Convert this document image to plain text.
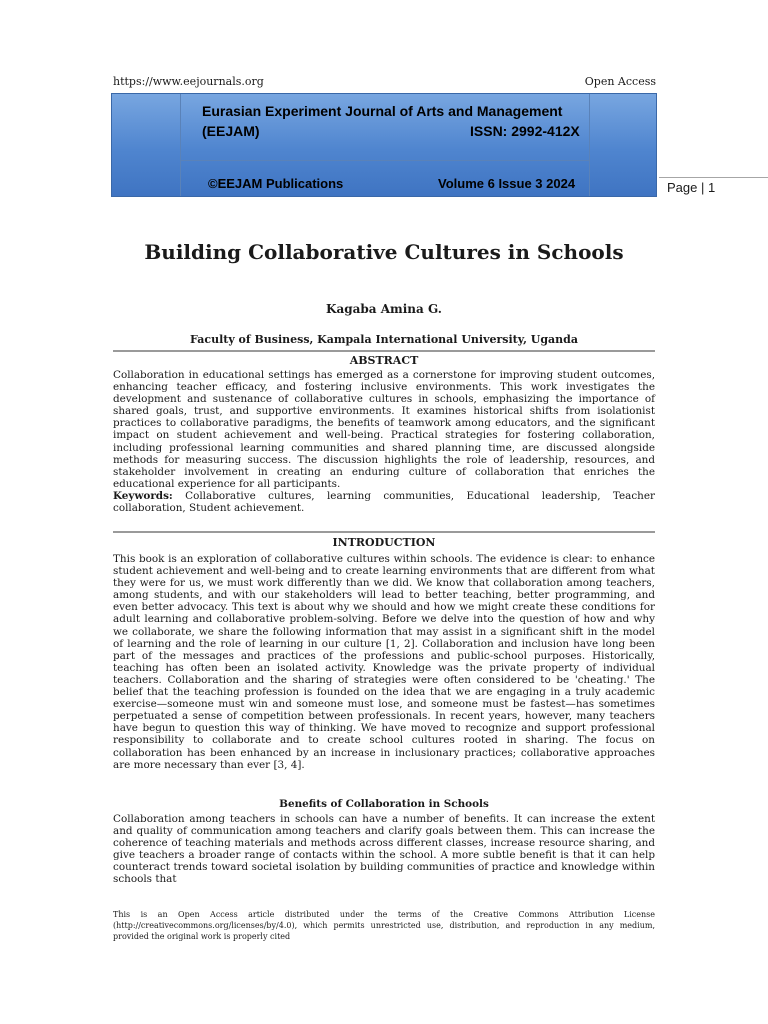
https://www.eejournals.org	Open Access
Eurasian Experiment Journal of Arts and Management
(EEJAM)	ISSN: 2992-412X
©EEJAM Publications	Volume 6 Issue 3 2024	Page | 1
Building Collaborative Cultures in Schools
Kagaba Amina G.
Faculty of Business, Kampala International University, Uganda
ABSTRACT

Collaboration in educational settings has emerged as a cornerstone for improving student outcomes, enhancing teacher efficacy, and fostering inclusive environments. This work investigates the development and sustenance of collaborative cultures in schools, emphasizing the importance of shared goals, trust, and supportive environments. It examines historical shifts from isolationist practices to collaborative paradigms, the benefits of teamwork among educators, and the significant impact on student achievement and well-being. Practical strategies for fostering collaboration, including professional learning communities and shared planning time, are discussed alongside methods for measuring success. The discussion highlights the role of leadership, resources, and stakeholder involvement in creating an enduring culture of collaboration that enriches the educational experience for all participants.
Keywords: Collaborative cultures, learning communities, Educational leadership, Teacher collaboration, Student achievement.

INTRODUCTION

This book is an exploration of collaborative cultures within schools. The evidence is clear: to enhance student achievement and well-being and to create learning environments that are different from what they were for us, we must work differently than we did. We know that collaboration among teachers, among students, and with our stakeholders will lead to better teaching, better programming, and even better advocacy. This text is about why we should and how we might create these conditions for adult learning and collaborative problem-solving. Before we delve into the question of how and why we collaborate, we share the following information that may assist in a significant shift in the model of learning and the role of learning in our culture [1, 2]. Collaboration and inclusion have long been part of the messages and practices of the professions and public-school purposes. Historically, teaching has often been an isolated activity. Knowledge was the private property of individual teachers. Collaboration and the sharing of strategies were often considered to be 'cheating.' The belief that the teaching profession is founded on the idea that we are engaging in a truly academic exercise—someone must win and someone must lose, and someone must be fastest—has sometimes perpetuated a sense of competition between professionals. In recent years, however, many teachers have begun to question this way of thinking. We have moved to recognize and support professional responsibility to collaborate and to create school cultures rooted in sharing. The focus on collaboration has been enhanced by an increase in inclusionary practices; collaborative approaches are more necessary than ever [3, 4].

Benefits of Collaboration in Schools

Collaboration among teachers in schools can have a number of benefits. It can increase the extent and quality of communication among teachers and clarify goals between them. This can increase the coherence of teaching materials and methods across different classes, increase resource sharing, and give teachers a broader range of contacts within the school. A more subtle benefit is that it can help counteract trends toward societal isolation by building communities of practice and knowledge within schools that

This is an Open Access article distributed under the terms of the Creative Commons Attribution License (http://creativecommons.org/licenses/by/4.0), which permits unrestricted use, distribution, and reproduction in any medium, provided the original work is properly cited
